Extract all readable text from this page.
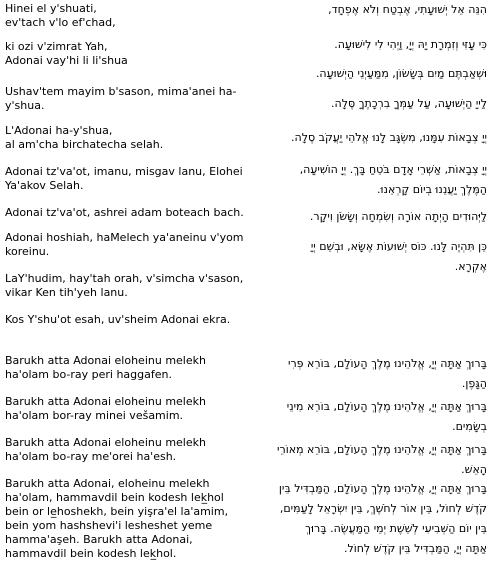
Hinei el y'shuati,
ev'tach v'lo ef'chad,

ki ozi v'zimrat Yah,
Adonai vay'hi li li'shua

Ushav'tem mayim b'sason, mima'anei ha-
y'shua.

L'Adonai ha-y'shua,
al am'cha birchatecha selah.

Adonai tz'va'ot, imanu, misgav lanu, Elohei
Ya'akov Selah.

Adonai tz'va'ot, ashrei adam boteach bach.

Adonai hoshiah, haMelech ya'aneinu v'yom
koreinu.

LaY'hudim, hay'tah orah, v'simcha v'sason,
vikar Ken tih'yeh lanu.

Kos Y'shu'ot esah, uv'sheim Adonai ekra.

Barukh atta Adonai eloheinu melekh
ha'olam bo-ray peri haggafen.

Barukh atta Adonai eloheinu melekh
ha'olam bor-ray minei vešamim.

Barukh atta Adonai eloheinu melekh
ha'olam bo-ray me'orei ha'esh.

Barukh atta Adonai, eloheinu melekh
ha'olam, hammavdil bein kodesh lek̲hol
bein or le̲hoshekh, bein yişra'el la'amim,
bein yom hashshevi'i lesheshet yeme
hamma'aşeh. Barukh atta Adonai,
hammavdil bein kodesh lek̲hol.

הִנֵּה אֵל יְשׁוּעָתִי, אֶבְטַח וְלֹא אֶפְחָד,

כִּי עָזִּי וְזִמְרָת יָהּ יְיָ, וַיְהִי לִי לִישׁוּעָה.

וּשְׁאַבְתֶּם מַיִם בְּשָׂשׂוֹן, מִמַּעַיְנֵי הַיְשׁוּעָה.

לַייָ הַיְשׁוּעָה, עַל עַמְּךָ בִרְכָתֶךָ סֶּלָה.

יְיָ צְבָאוֹת עִמָּנוּ, מִשְׂגָּב לָנוּ אֱלֹהֵי יַעֲקֹב סֶלָה.

יְיָ צְבָאוֹת, אַשְׁרֵי אָדָם בֹּטֵחַ בָּךְ. יְיָ הוֹשִׁיעָה,
הַמֶּלֶךְ יַעֲנֵנוּ בְיוֹם קָרְאֵנוּ.

לַיְּהוּדִים הָיְתָה אוֹרָה וְשִׂמְחָה וְשָׂשֹׂן וִיקָר.

כֵּן תִּהְיֶה לָּנוּ. כּוֹס יְשׁוּעוֹת אֶשָּׂא, וּבְשֵׁם יְיָ
אֶקְרָא.

בָּרוּךְ אַתָּה יְיָ, אֱלֹהֵינוּ מֶלֶךְ הָעוֹלָם, בּוֹרֵא פְּרִי
הַגָּפֶן.

בָּרוּךְ אַתָּה יְיָ, אֱלֹהֵינוּ מֶלֶךְ הָעוֹלָם, בּוֹרֵא מִינֵי
בְשָׂמִים.

בָּרוּךְ אַתָּה יְיָ, אֱלֹהֵינוּ מֶלֶךְ הָעוֹלָם, בּוֹרֵא מְאוֹרֵי
הָאֵשׁ.

בָּרוּךְ אַתָּה יְיָ, אֱלֹהֵינוּ מֶלֶךְ הָעוֹלָם, הַמַּבְדִּיל בֵּין
קֹדֶשׁ לְחוֹל, בֵּין אוֹר לְחֹשֶׁךְ, בֵּין יִשְׂרָאֵל לָעַמִּים,
בֵּין יוֹם הַשְּׁבִיעִי לְשֵׁשֶׁת יְמֵי הַמַּעֲשֶׂה. בָּרוּךְ
אַתָּה יְיָ, הַמַּבְדִּיל בֵּין קֹדֶשׁ לְחוֹל.
